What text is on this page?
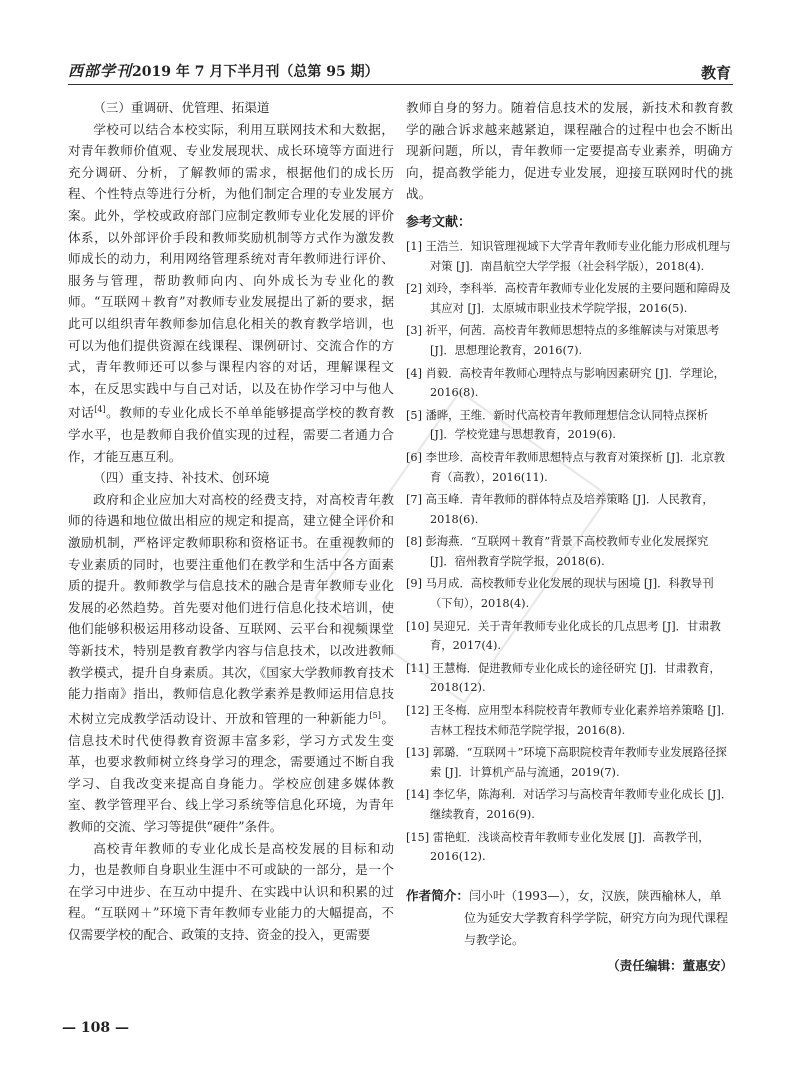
西部学刊2019 年 7 月下半月刊（总第 95 期）	教育
（三）重调研、优管理、拓渠道

学校可以结合本校实际，利用互联网技术和大数据，对青年教师价值观、专业发展现状、成长环境等方面进行充分调研、分析，了解教师的需求，根据他们的成长历程、个性特点等进行分析，为他们制定合理的专业发展方案。此外，学校或政府部门应制定教师专业化发展的评价体系，以外部评价手段和教师奖励机制等方式作为激发教师成长的动力，利用网络管理系统对青年教师进行评价、服务与管理，帮助教师向内、向外成长为专业化的教师。“互联网＋教育”对教师专业发展提出了新的要求，据此可以组织青年教师参加信息化相关的教育教学培训，也可以为他们提供资源在线课程、课例研讨、交流合作的方式，青年教师还可以参与课程内容的对话，理解课程文本，在反思实践中与自己对话，以及在协作学习中与他人对话[4]。教师的专业化成长不单单能够提高学校的教育教学水平，也是教师自我价值实现的过程，需要二者通力合作，才能互惠互利。

（四）重支持、补技术、创环境

政府和企业应加大对高校的经费支持，对高校青年教师的待遇和地位做出相应的规定和提高，建立健全评价和激励机制，严格评定教师职称和资格证书。在重视教师的专业素质的同时，也要注重他们在教学和生活中各方面素质的提升。教师教学与信息技术的融合是青年教师专业化发展的必然趋势。首先要对他们进行信息化技术培训，使他们能够积极运用移动设备、互联网、云平台和视频课堂等新技术，特别是教育教学内容与信息技术，以改进教师教学模式，提升自身素质。其次，《国家大学教师教育技术能力指南》指出，教师信息化教学素养是教师运用信息技术树立完成教学活动设计、开放和管理的一种新能力[5]。信息技术时代使得教育资源丰富多彩，学习方式发生变革，也要求教师树立终身学习的理念，需要通过不断自我学习、自我改变来提高自身能力。学校应创建多媒体教室、教学管理平台、线上学习系统等信息化环境，为青年教师的交流、学习等提供“硬件”条件。

高校青年教师的专业化成长是高校发展的目标和动力，也是教师自身职业生涯中不可或缺的一部分，是一个在学习中进步、在互动中提升、在实践中认识和积累的过程。“互联网＋”环境下青年教师专业能力的大幅提高，不仅需要学校的配合、政策的支持、资金的投入，更需要

教师自身的努力。随着信息技术的发展，新技术和教育教学的融合诉求越来越紧迫，课程融合的过程中也会不断出现新问题，所以，青年教师一定要提高专业素养，明确方向，提高教学能力，促进专业发展，迎接互联网时代的挑战。

参考文献：
[1] 王浩兰．知识管理视域下大学青年教师专业化能力形成机理与对策 [J]．南昌航空大学学报（社会科学版），2018(4).
[2] 刘玲，李科举．高校青年教师专业化发展的主要问题和障碍及其应对 [J]．太原城市职业技术学院学报，2016(5).
[3] 祈平，何茜．高校青年教师思想特点的多维解读与对策思考 [J]．思想理论教育，2016(7).
[4] 肖毅．高校青年教师心理特点与影响因素研究 [J]．学理论，2016(8).
[5] 潘晔，王维．新时代高校青年教师理想信念认同特点探析 [J]．学校党建与思想教育，2019(6).
[6] 李世珍．高校青年教师思想特点与教育对策探析 [J]．北京教育（高教），2016(11).
[7] 高玉峰．青年教师的群体特点及培养策略 [J]．人民教育，2018(6).
[8] 彭海燕．“互联网＋教育”背景下高校教师专业化发展探究 [J]．宿州教育学院学报，2018(6).
[9] 马月成．高校教师专业化发展的现状与困境 [J]．科教导刊（下旬），2018(4).
[10] 吴迎兄．关于青年教师专业化成长的几点思考 [J]．甘肃教育，2017(4).
[11] 王慧梅．促进教师专业化成长的途径研究 [J]．甘肃教育，2018(12).
[12] 王冬梅．应用型本科院校青年教师专业化素养培养策略 [J]．吉林工程技术师范学院学报，2016(8).
[13] 郭璐．“互联网＋”环境下高职院校青年教师专业发展路径探索 [J]．计算机产品与流通，2019(7).
[14] 李忆华，陈海利．对话学习与高校青年教师专业化成长 [J]．继续教育，2016(9).
[15] 雷艳虹．浅谈高校青年教师专业化发展 [J]．高教学刊，2016(12).
作者简介：闫小叶（1993—），女，汉族，陕西榆林人，单位为延安大学教育科学学院，研究方向为现代课程与教学论。
（责任编辑：董惠安）
— 108 —
